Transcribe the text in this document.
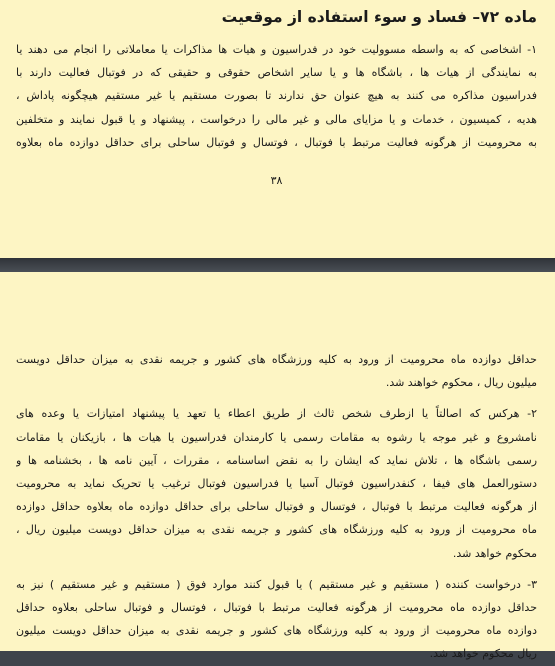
ماده ۷۲– فساد و سوء استفاده از موقعیت
۱- اشخاصی که به واسطه مسوولیت خود در فدراسیون و هیات ها مذاکرات یا معاملاتی را انجام می دهند یا
به نمایندگی از هیات ها ، باشگاه ها و یا سایر اشخاص حقوقی و حقیقی که در فوتبال فعالیت دارند با
فدراسیون مذاکره می کنند به هیچ عنوان حق ندارند تا بصورت مستقیم یا غیر مستقیم هیچگونه پاداش ،
هدیه ، کمیسیون ، خدمات و یا مزایای مالی و غیر مالی را درخواست ، پیشنهاد و یا قبول نمایند و متخلفین
به محرومیت از هرگونه فعالیت مرتبط با فوتبال ، فوتسال و فوتبال ساحلی برای حداقل دوازده ماه بعلاوه
۳۸
حداقل دوازده ماه محرومیت از ورود به کلیه ورزشگاه های کشور و جریمه نقدی به میزان حداقل دویست
میلیون ریال ، محکوم خواهند شد.
۲- هرکس که اصالتاً یا ازطرف شخص ثالث از طریق اعطاء یا تعهد یا پیشنهاد امتیازات یا وعده های
نامشروع و غیر موجه یا رشوه به مقامات رسمی یا کارمندان فدراسیون یا هیات ها ، بازیکنان یا مقامات
رسمی باشگاه ها ، تلاش نماید که ایشان را به نقض اساسنامه ، مقررات ، آیین نامه ها ، بخشنامه ها و
دستورالعمل های فیفا ، کنفدراسیون فوتبال آسیا یا فدراسیون فوتبال ترغیب یا تحریک نماید به محرومیت
از هرگونه فعالیت مرتبط با فوتبال ، فوتسال و فوتبال ساحلی برای حداقل دوازده ماه بعلاوه حداقل دوازده
ماه محرومیت از ورود به کلیه ورزشگاه های کشور و جریمه نقدی به میزان حداقل دویست میلیون ریال ،
محکوم خواهد شد.
۳- درخواست کننده ( مستقیم و غیر مستقیم ) یا قبول کنند موارد فوق ( مستقیم و غیر مستقیم ) نیز به
حداقل دوازده ماه محرومیت از هرگونه فعالیت مرتبط با فوتبال ، فوتسال و فوتبال ساحلی بعلاوه حداقل
دوازده ماه محرومیت از ورود به کلیه ورزشگاه های کشور و جریمه نقدی به میزان حداقل دویست میلیون
ریال محکوم خواهد شد.
